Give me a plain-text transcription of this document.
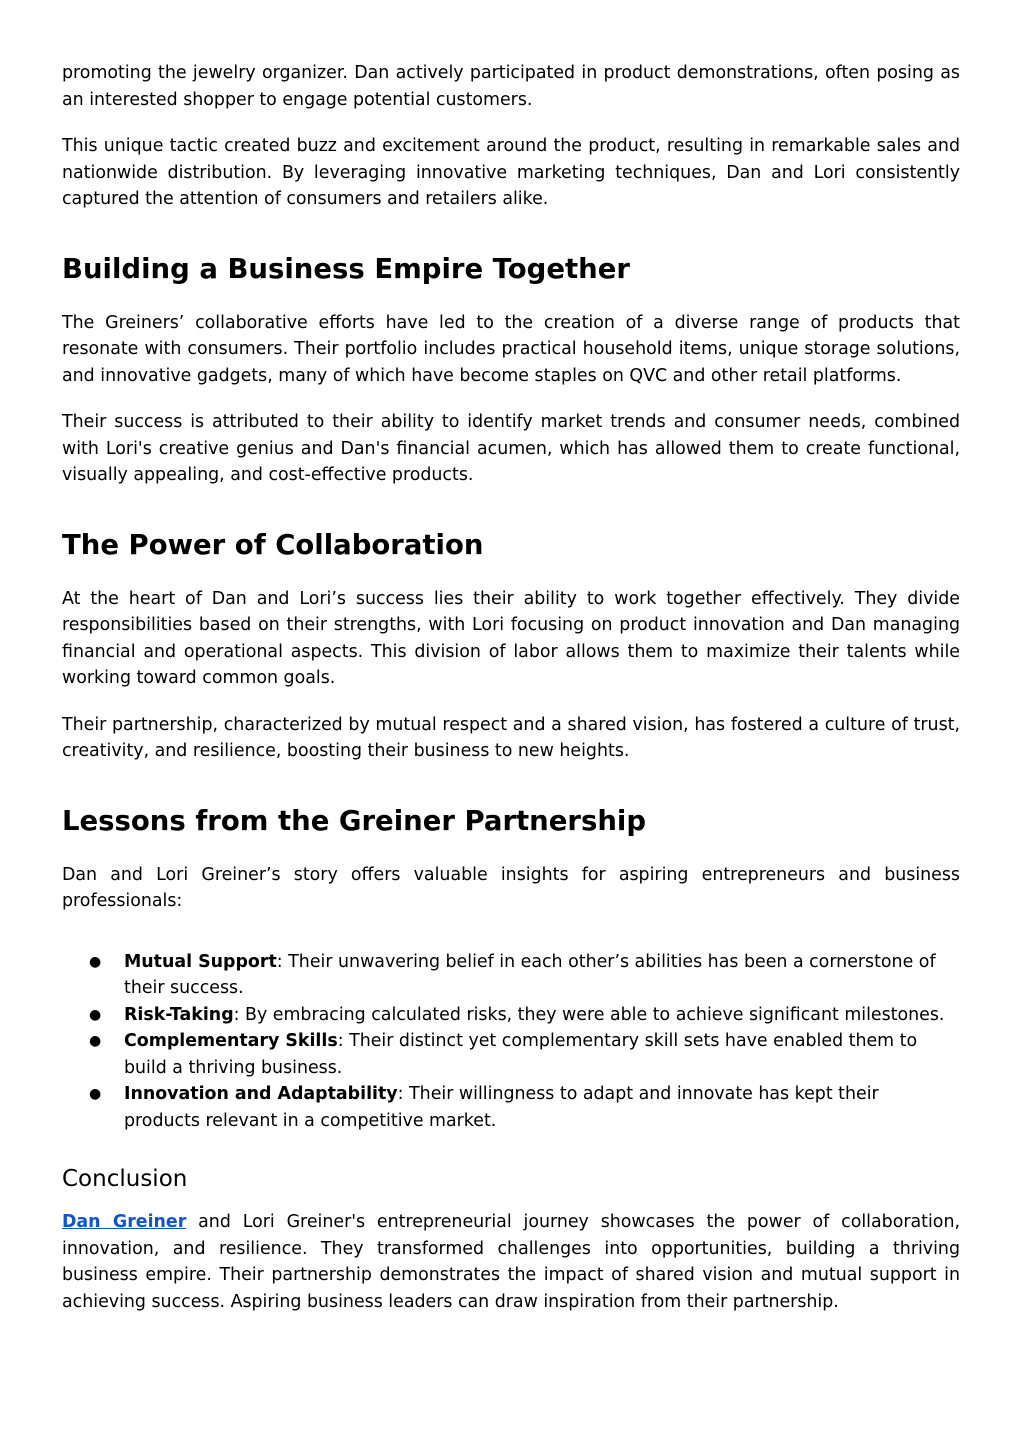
promoting the jewelry organizer. Dan actively participated in product demonstrations, often posing as an interested shopper to engage potential customers.

This unique tactic created buzz and excitement around the product, resulting in remarkable sales and nationwide distribution. By leveraging innovative marketing techniques, Dan and Lori consistently captured the attention of consumers and retailers alike.

Building a Business Empire Together

The Greiners’ collaborative efforts have led to the creation of a diverse range of products that resonate with consumers. Their portfolio includes practical household items, unique storage solutions, and innovative gadgets, many of which have become staples on QVC and other retail platforms.

Their success is attributed to their ability to identify market trends and consumer needs, combined with Lori's creative genius and Dan's financial acumen, which has allowed them to create functional, visually appealing, and cost-effective products.

The Power of Collaboration

At the heart of Dan and Lori’s success lies their ability to work together effectively. They divide responsibilities based on their strengths, with Lori focusing on product innovation and Dan managing financial and operational aspects. This division of labor allows them to maximize their talents while working toward common goals.

Their partnership, characterized by mutual respect and a shared vision, has fostered a culture of trust, creativity, and resilience, boosting their business to new heights.

Lessons from the Greiner Partnership

Dan and Lori Greiner’s story offers valuable insights for aspiring entrepreneurs and business professionals:

● Mutual Support: Their unwavering belief in each other’s abilities has been a cornerstone of their success.
● Risk-Taking: By embracing calculated risks, they were able to achieve significant milestones.
● Complementary Skills: Their distinct yet complementary skill sets have enabled them to build a thriving business.
● Innovation and Adaptability: Their willingness to adapt and innovate has kept their products relevant in a competitive market.
Conclusion

Dan Greiner and Lori Greiner's entrepreneurial journey showcases the power of collaboration, innovation, and resilience. They transformed challenges into opportunities, building a thriving business empire. Their partnership demonstrates the impact of shared vision and mutual support in achieving success. Aspiring business leaders can draw inspiration from their partnership.
